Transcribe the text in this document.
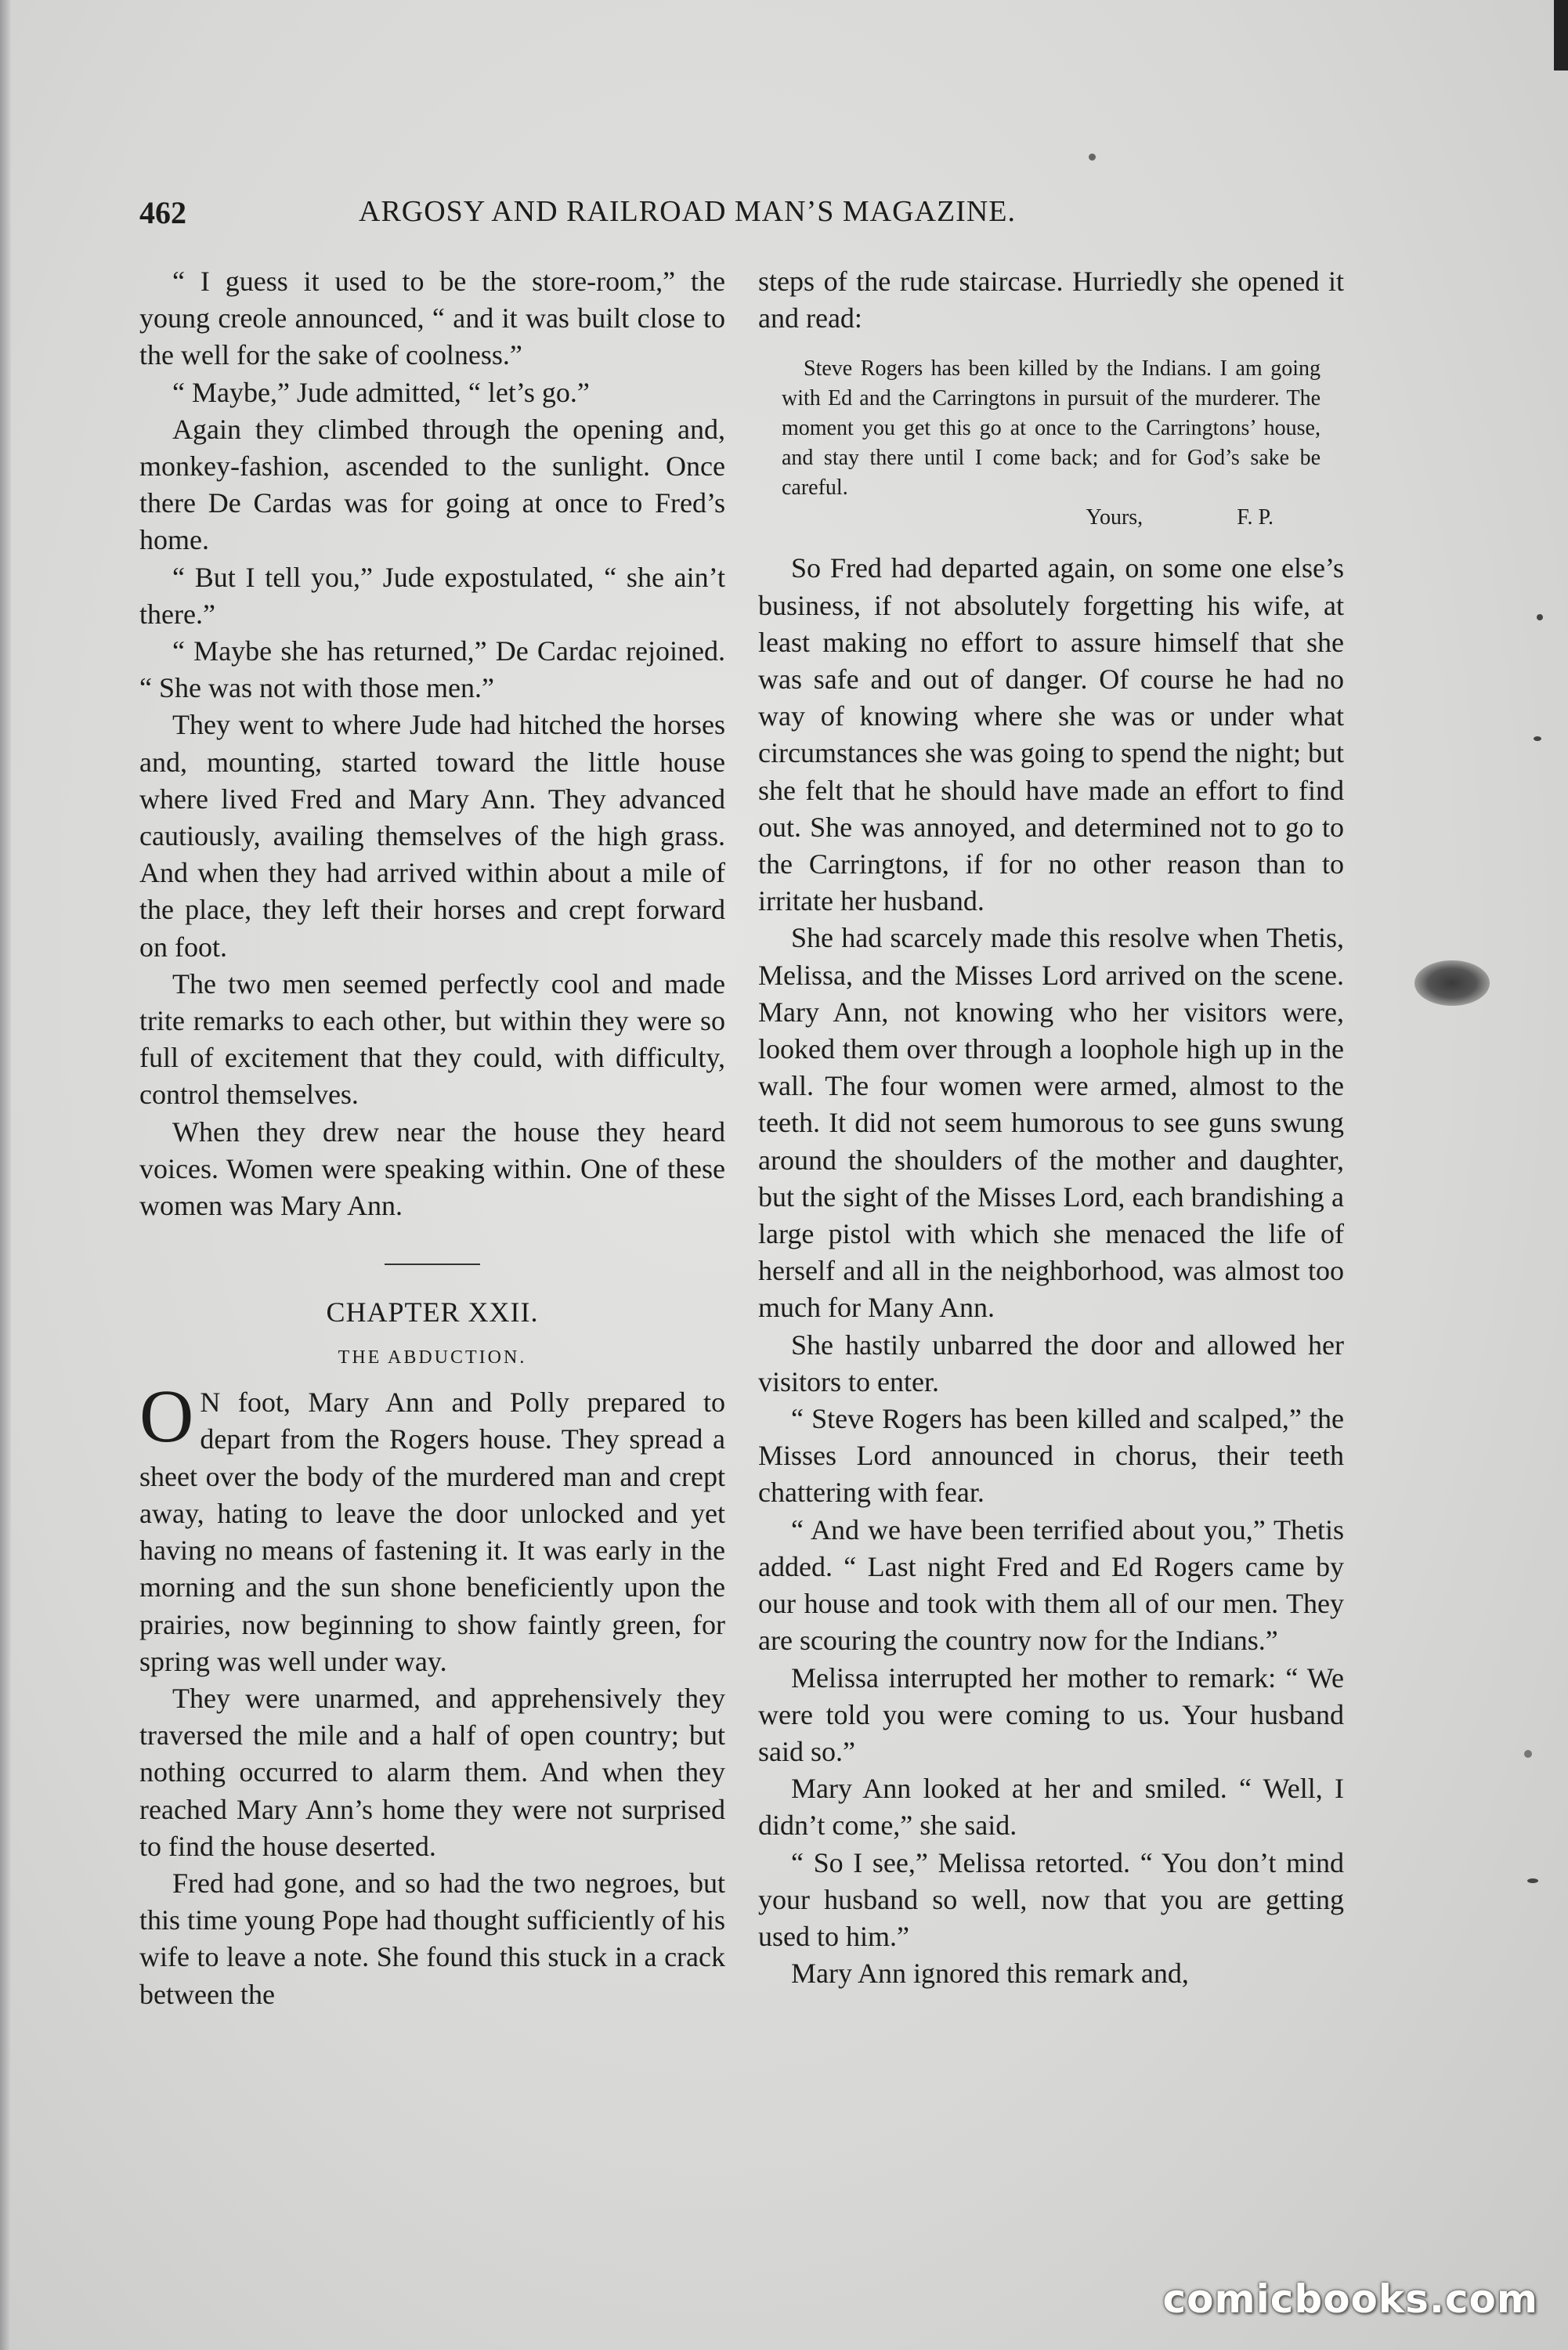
462	ARGOSY AND RAILROAD MAN’S MAGAZINE.

“ I guess it used to be the store-room,” the young creole announced, “ and it was built close to the well for the sake of coolness.”

“ Maybe,” Jude admitted, “ let’s go.”

Again they climbed through the opening and, monkey-fashion, ascended to the sunlight. Once there De Cardas was for going at once to Fred’s home.

“ But I tell you,” Jude expostulated, “ she ain’t there.”

“ Maybe she has returned,” De Cardac rejoined. “ She was not with those men.”

They went to where Jude had hitched the horses and, mounting, started toward the little house where lived Fred and Mary Ann. They advanced cautiously, availing themselves of the high grass. And when they had arrived within about a mile of the place, they left their horses and crept forward on foot.

The two men seemed perfectly cool and made trite remarks to each other, but within they were so full of excitement that they could, with difficulty, control themselves.

When they drew near the house they heard voices. Women were speaking within. One of these women was Mary Ann.

CHAPTER XXII.
THE ABDUCTION.

O N foot, Mary Ann and Polly prepared to depart from the Rogers house. They spread a sheet over the body of the murdered man and crept away, hating to leave the door unlocked and yet having no means of fastening it. It was early in the morning and the sun shone beneficiently upon the prairies, now beginning to show faintly green, for spring was well under way.

They were unarmed, and apprehensively they traversed the mile and a half of open country; but nothing occurred to alarm them. And when they reached Mary Ann’s home they were not surprised to find the house deserted.

Fred had gone, and so had the two negroes, but this time young Pope had thought sufficiently of his wife to leave a note. She found this stuck in a crack between the

steps of the rude staircase. Hurriedly she opened it and read:

Steve Rogers has been killed by the Indians. I am going with Ed and the Carringtons in pursuit of the murderer. The moment you get this go at once to the Carringtons’ house, and stay there until I come back; and for God’s sake be careful.

Yours,	F. P.

So Fred had departed again, on some one else’s business, if not absolutely forgetting his wife, at least making no effort to assure himself that she was safe and out of danger. Of course he had no way of knowing where she was or under what circumstances she was going to spend the night; but she felt that he should have made an effort to find out. She was annoyed, and determined not to go to the Carringtons, if for no other reason than to irritate her husband.

She had scarcely made this resolve when Thetis, Melissa, and the Misses Lord arrived on the scene. Mary Ann, not knowing who her visitors were, looked them over through a loophole high up in the wall. The four women were armed, almost to the teeth. It did not seem humorous to see guns swung around the shoulders of the mother and daughter, but the sight of the Misses Lord, each brandishing a large pistol with which she menaced the life of herself and all in the neighborhood, was almost too much for Many Ann.

She hastily unbarred the door and allowed her visitors to enter.

“ Steve Rogers has been killed and scalped,” the Misses Lord announced in chorus, their teeth chattering with fear.

“ And we have been terrified about you,” Thetis added. “ Last night Fred and Ed Rogers came by our house and took with them all of our men. They are scouring the country now for the Indians.”

Melissa interrupted her mother to remark: “ We were told you were coming to us. Your husband said so.”

Mary Ann looked at her and smiled. “ Well, I didn’t come,” she said.

“ So I see,” Melissa retorted. “ You don’t mind your husband so well, now that you are getting used to him.”

Mary Ann ignored this remark and,

comicbooks.com
